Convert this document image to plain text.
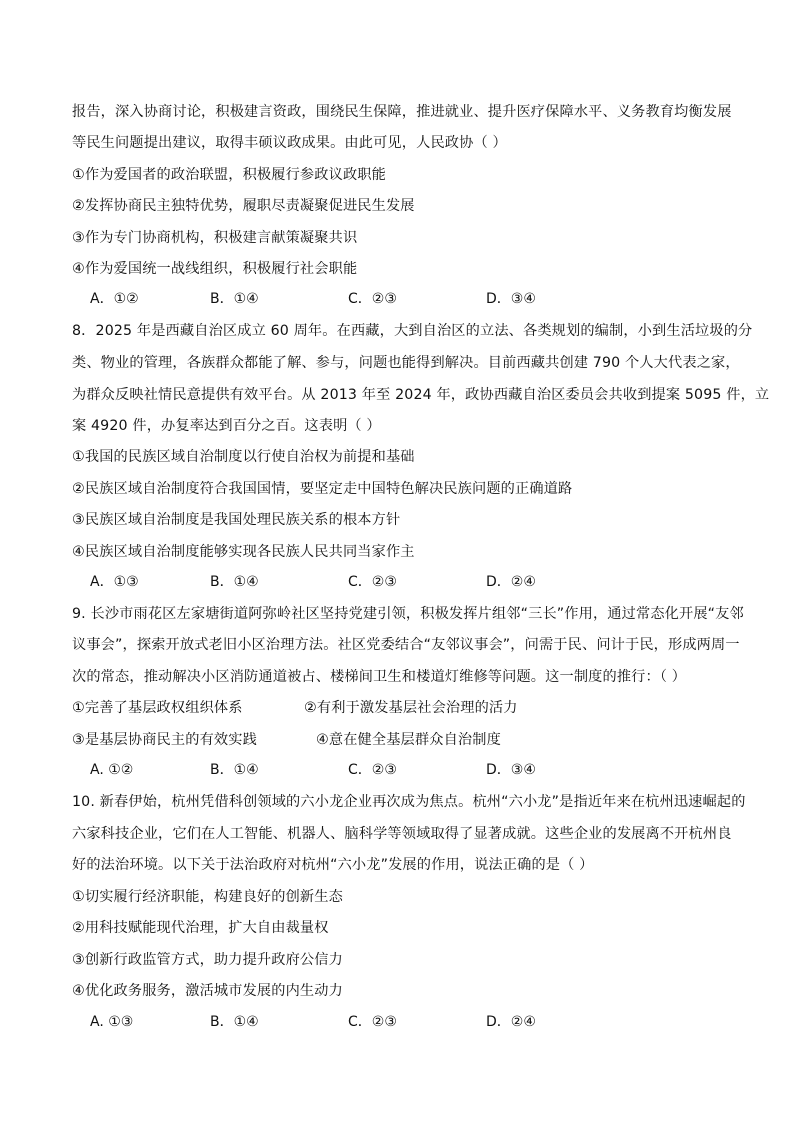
报告，深入协商讨论，积极建言资政，围绕民生保障，推进就业、提升医疗保障水平、义务教育均衡发展
等民生问题提出建议，取得丰硕议政成果。由此可见，人民政协（ ）
①作为爱国者的政治联盟，积极履行参政议政职能
②发挥协商民主独特优势，履职尽责凝聚促进民生发展
③作为专门协商机构，积极建言献策凝聚共识
④作为爱国统一战线组织，积极履行社会职能
A．①②	B．①④	C．②③	D．③④
8．2025 年是西藏自治区成立 60 周年。在西藏，大到自治区的立法、各类规划的编制，小到生活垃圾的分
类、物业的管理，各族群众都能了解、参与，问题也能得到解决。目前西藏共创建 790 个人大代表之家，
为群众反映社情民意提供有效平台。从 2013 年至 2024 年，政协西藏自治区委员会共收到提案 5095 件，立
案 4920 件，办复率达到百分之百。这表明（ ）
①我国的民族区域自治制度以行使自治权为前提和基础
②民族区域自治制度符合我国国情，要坚定走中国特色解决民族问题的正确道路
③民族区域自治制度是我国处理民族关系的根本方针
④民族区域自治制度能够实现各民族人民共同当家作主
A．①③	B．①④	C．②③	D．②④
9. 长沙市雨花区左家塘街道阿弥岭社区坚持党建引领，积极发挥片组邻“三长”作用，通过常态化开展“友邻
议事会”，探索开放式老旧小区治理方法。社区党委结合“友邻议事会”，问需于民、问计于民，形成两周一
次的常态，推动解决小区消防通道被占、楼梯间卫生和楼道灯维修等问题。这一制度的推行：（ ）
①完善了基层政权组织体系	②有利于激发基层社会治理的活力
③是基层协商民主的有效实践	④意在健全基层群众自治制度
A. ①②	B．①④	C．②③	D．③④
10. 新春伊始，杭州凭借科创领域的六小龙企业再次成为焦点。杭州“六小龙”是指近年来在杭州迅速崛起的
六家科技企业，它们在人工智能、机器人、脑科学等领域取得了显著成就。这些企业的发展离不开杭州良
好的法治环境。以下关于法治政府对杭州“六小龙”发展的作用，说法正确的是（ ）
①切实履行经济职能，构建良好的创新生态
②用科技赋能现代治理，扩大自由裁量权
③创新行政监管方式，助力提升政府公信力
④优化政务服务，激活城市发展的内生动力
A. ①③	B．①④	C．②③	D．②④
